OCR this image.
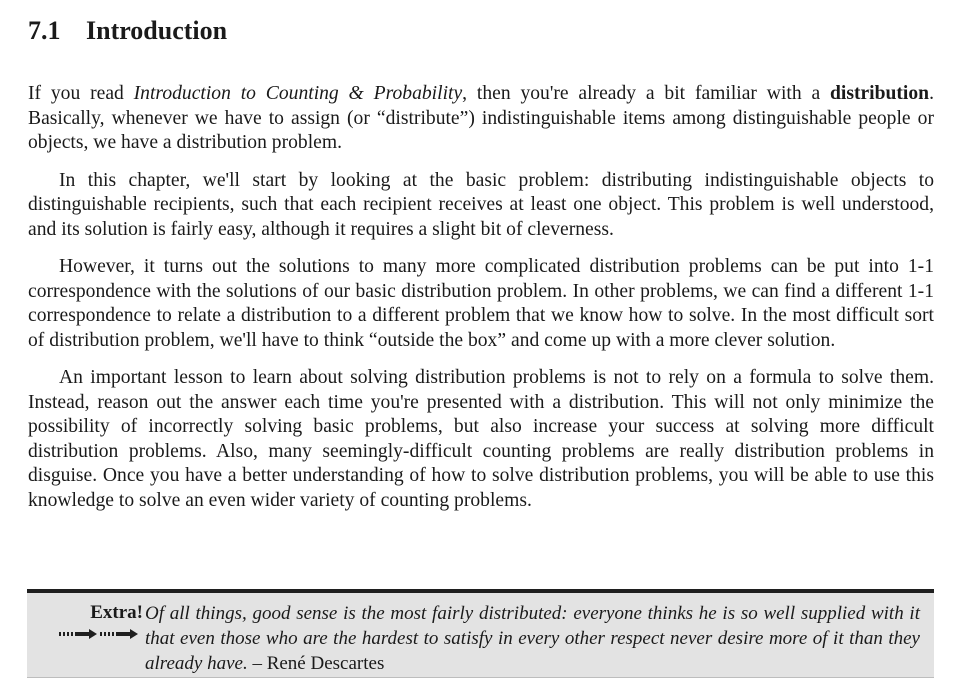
7.1 Introduction

If you read Introduction to Counting & Probability, then you're already a bit familiar with a distribution. Basically, whenever we have to assign (or “distribute”) indistinguishable items among distinguishable people or objects, we have a distribution problem.

In this chapter, we'll start by looking at the basic problem: distributing indistinguishable objects to distinguishable recipients, such that each recipient receives at least one object. This problem is well understood, and its solution is fairly easy, although it requires a slight bit of cleverness.

However, it turns out the solutions to many more complicated distribution problems can be put into 1-1 correspondence with the solutions of our basic distribution problem. In other problems, we can find a different 1-1 correspondence to relate a distribution to a different problem that we know how to solve. In the most difficult sort of distribution problem, we'll have to think “outside the box” and come up with a more clever solution.

An important lesson to learn about solving distribution problems is not to rely on a formula to solve them. Instead, reason out the answer each time you're presented with a distribution. This will not only minimize the possibility of incorrectly solving basic problems, but also increase your success at solving more difficult distribution problems. Also, many seemingly-difficult counting problems are really distribution problems in disguise. Once you have a better understanding of how to solve distribution problems, you will be able to use this knowledge to solve an even wider variety of counting problems.

Extra! Of all things, good sense is the most fairly distributed: everyone thinks he is so well supplied with it that even those who are the hardest to satisfy in every other respect never desire more of it than they already have. – René Descartes
